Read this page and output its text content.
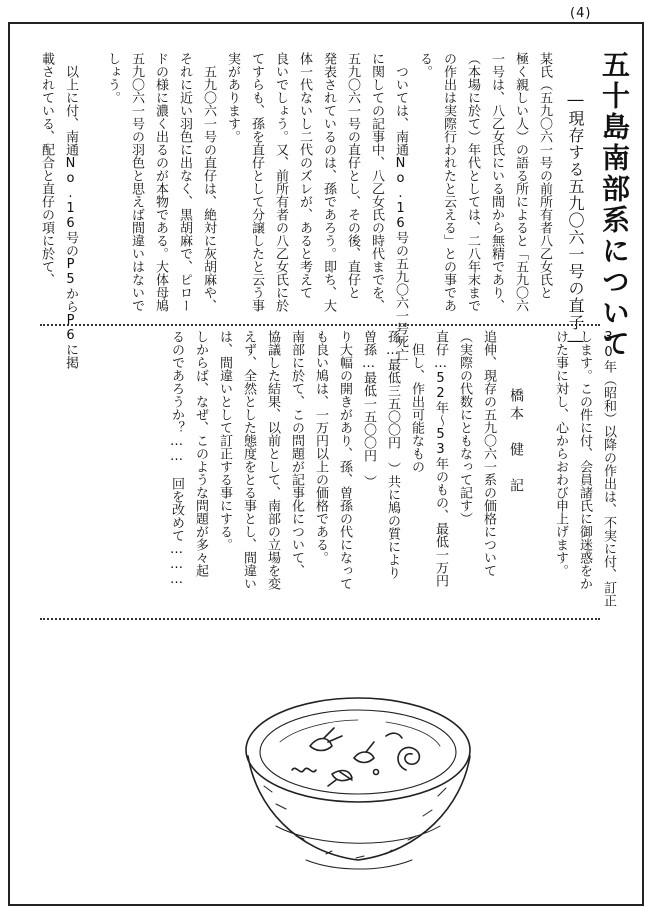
(4)
五十島南部系について
―現存する五九〇六一号の直子―
某氏（五九〇六一号の前所有者八乙女氏と
極く親しい人）の語る所によると「五九〇六
一号は、八乙女氏にいる間から無精であり、
（本場に於て）年代としては、二八年末まで
の作出は実際行われたと云える」との事であ
る。
　ついては、南通No.16号の五九〇六一号死亡
に関しての記事中、八乙女氏の時代までを、
五九〇六一号の直仔とし、その後、直仔と
発表されているのは、孫であろう。即ち、大
体一代ないし二代のズレが、あると考えて
良いでしょう。又、前所有者の八乙女氏に於
てすらも、孫を直仔として分譲したと云う事
実があります。
　五九〇六一号の直仔は、絶対に灰胡麻や、
それに近い羽色に出なく、黒胡麻で、ピロー
ドの様に濃く出るのが本物である。大体母鳩
五九〇六一号の羽色と思えば間違いはないで
しょう。
　以上に付、南通No.16号のP5からP6に掲
載されている、配合と直仔の項に於て、
30年（昭和）以降の作出は、不実に付、訂正
します。この件に付、会員諸氏に御迷惑をか
けた事に対し、心からおわび申上げます。
橋本　健　記
追伸、現存の五九〇六一系の価格について
（実際の代数にともなって記す）
直仔…52年〜53年のもの、最低一万円
　但し、作出可能なもの
孫…最低三五〇〇円　）共に鳩の質により
曽孫…最低一五〇〇円　）
り大幅の開きがあり、孫、曽孫の代になって
も良い鳩は、一万円以上の価格である。
南部に於て、この問題が記事化について、
協議した結果、以前として、南部の立場を変
えず、全然とした態度をとる事とし、間違い
は、間違いとして訂正する事にする。
しからば、なぜ、このような問題が多々起
るのであろうか？……　回を改めて………
